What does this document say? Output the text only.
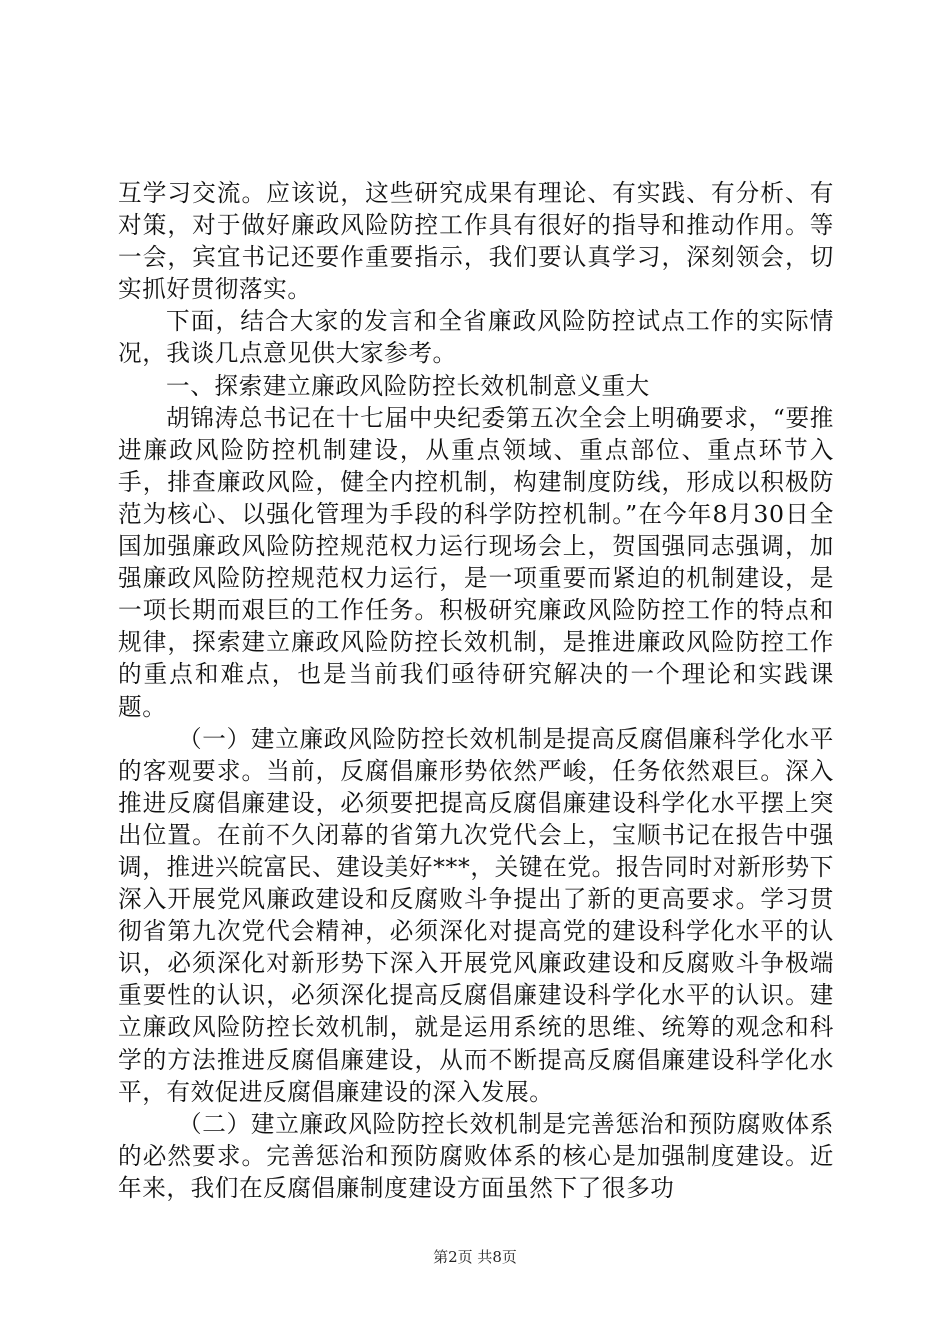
互学习交流。应该说，这些研究成果有理论、有实践、有分析、有对策，对于做好廉政风险防控工作具有很好的指导和推动作用。等一会，宾宜书记还要作重要指示，我们要认真学习，深刻领会，切实抓好贯彻落实。

下面，结合大家的发言和全省廉政风险防控试点工作的实际情况，我谈几点意见供大家参考。

一、探索建立廉政风险防控长效机制意义重大

胡锦涛总书记在十七届中央纪委第五次全会上明确要求，“要推进廉政风险防控机制建设，从重点领域、重点部位、重点环节入手，排查廉政风险，健全内控机制，构建制度防线，形成以积极防范为核心、以强化管理为手段的科学防控机制。”在今年8月30日全国加强廉政风险防控规范权力运行现场会上，贺国强同志强调，加强廉政风险防控规范权力运行，是一项重要而紧迫的机制建设，是一项长期而艰巨的工作任务。积极研究廉政风险防控工作的特点和规律，探索建立廉政风险防控长效机制，是推进廉政风险防控工作的重点和难点，也是当前我们亟待研究解决的一个理论和实践课题。

（一）建立廉政风险防控长效机制是提高反腐倡廉科学化水平的客观要求。当前，反腐倡廉形势依然严峻，任务依然艰巨。深入推进反腐倡廉建设，必须要把提高反腐倡廉建设科学化水平摆上突出位置。在前不久闭幕的省第九次党代会上，宝顺书记在报告中强调，推进兴皖富民、建设美好***，关键在党。报告同时对新形势下深入开展党风廉政建设和反腐败斗争提出了新的更高要求。学习贯彻省第九次党代会精神，必须深化对提高党的建设科学化水平的认识，必须深化对新形势下深入开展党风廉政建设和反腐败斗争极端重要性的认识，必须深化提高反腐倡廉建设科学化水平的认识。建立廉政风险防控长效机制，就是运用系统的思维、统筹的观念和科学的方法推进反腐倡廉建设，从而不断提高反腐倡廉建设科学化水平，有效促进反腐倡廉建设的深入发展。

（二）建立廉政风险防控长效机制是完善惩治和预防腐败体系的必然要求。完善惩治和预防腐败体系的核心是加强制度建设。近年来，我们在反腐倡廉制度建设方面虽然下了很多功

第2页 共8页
